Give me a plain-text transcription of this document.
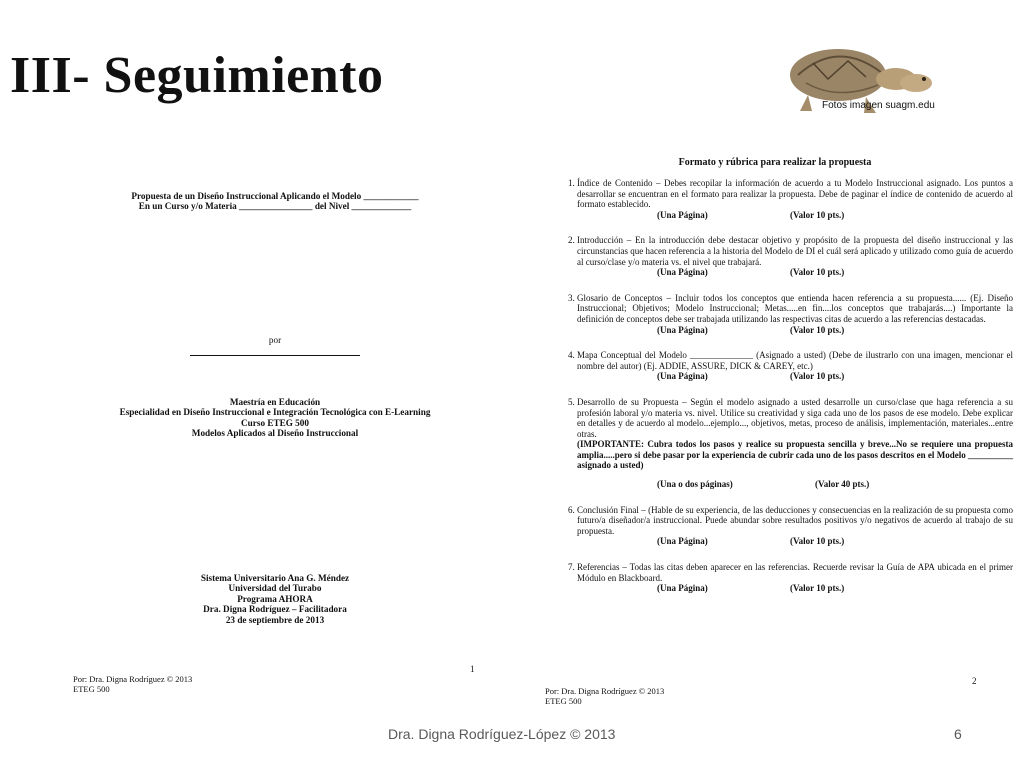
III- Seguimiento
Fotos imagen suagm.edu
Propuesta de un Diseño Instruccional Aplicando el Modelo ____________
En un Curso y/o Materia ________________ del Nivel _____________
por
Maestría en Educación
Especialidad en Diseño Instruccional e Integración Tecnológica con E-Learning
Curso ETEG 500
Modelos Aplicados al Diseño Instruccional
Sistema Universitario Ana G. Méndez
Universidad del Turabo
Programa AHORA
Dra. Digna Rodríguez – Facilitadora
23 de septiembre de 2013
1
Por: Dra. Digna Rodríguez © 2013
ETEG 500
Formato y rúbrica para realizar la propuesta
1. Índice de Contenido – Debes recopilar la información de acuerdo a tu Modelo Instruccional asignado. Los puntos a desarrollar se encuentran en el formato para realizar la propuesta. Debe de paginar el índice de contenido de acuerdo al formato establecido.
(Una Página)	(Valor 10 pts.)
2. Introducción – En la introducción debe destacar objetivo y propósito de la propuesta del diseño instruccional y las circunstancias que hacen referencia a la historia del Modelo de DI el cuál será aplicado y utilizado como guía de acuerdo al curso/clase y/o materia vs. el nivel que trabajará.
(Una Página)	(Valor 10 pts.)
3. Glosario de Conceptos – Incluir todos los conceptos que entienda hacen referencia a su propuesta...... (Ej. Diseño Instruccional; Objetivos; Modelo Instruccional; Metas.....en fin....los conceptos que trabajarás....) Importante la definición de conceptos debe ser trabajada utilizando las respectivas citas de acuerdo a las referencias destacadas.
(Una Página)	(Valor 10 pts.)
4. Mapa Conceptual del Modelo ______________ (Asignado a usted) (Debe de ilustrarlo con una imagen, mencionar el nombre del autor) (Ej. ADDIE, ASSURE, DICK & CAREY, etc.)
(Una Página)	(Valor 10 pts.)
5. Desarrollo de su Propuesta – Según el modelo asignado a usted desarrolle un curso/clase que haga referencia a su profesión laboral y/o materia vs. nivel. Utilice su creatividad y siga cada uno de los pasos de ese modelo. Debe explicar en detalles y de acuerdo al modelo...ejemplo..., objetivos, metas, proceso de análisis, implementación, materiales...entre otras.
(IMPORTANTE: Cubra todos los pasos y realice su propuesta sencilla y breve...No se requiere una propuesta amplia.....pero si debe pasar por la experiencia de cubrir cada uno de los pasos descritos en el Modelo __________ asignado a usted)
(Una o dos páginas)	(Valor 40 pts.)
6. Conclusión Final – (Hable de su experiencia, de las deducciones y consecuencias en la realización de su propuesta como futuro/a diseñador/a instruccional. Puede abundar sobre resultados positivos y/o negativos de acuerdo al trabajo de su propuesta.
(Una Página)	(Valor 10 pts.)
7. Referencias – Todas las citas deben aparecer en las referencias. Recuerde revisar la Guía de APA ubicada en el primer Módulo en Blackboard.
(Una Página)	(Valor 10 pts.)
2
Por: Dra. Digna Rodríguez © 2013
ETEG 500
Dra. Digna Rodríguez-López © 2013	6
